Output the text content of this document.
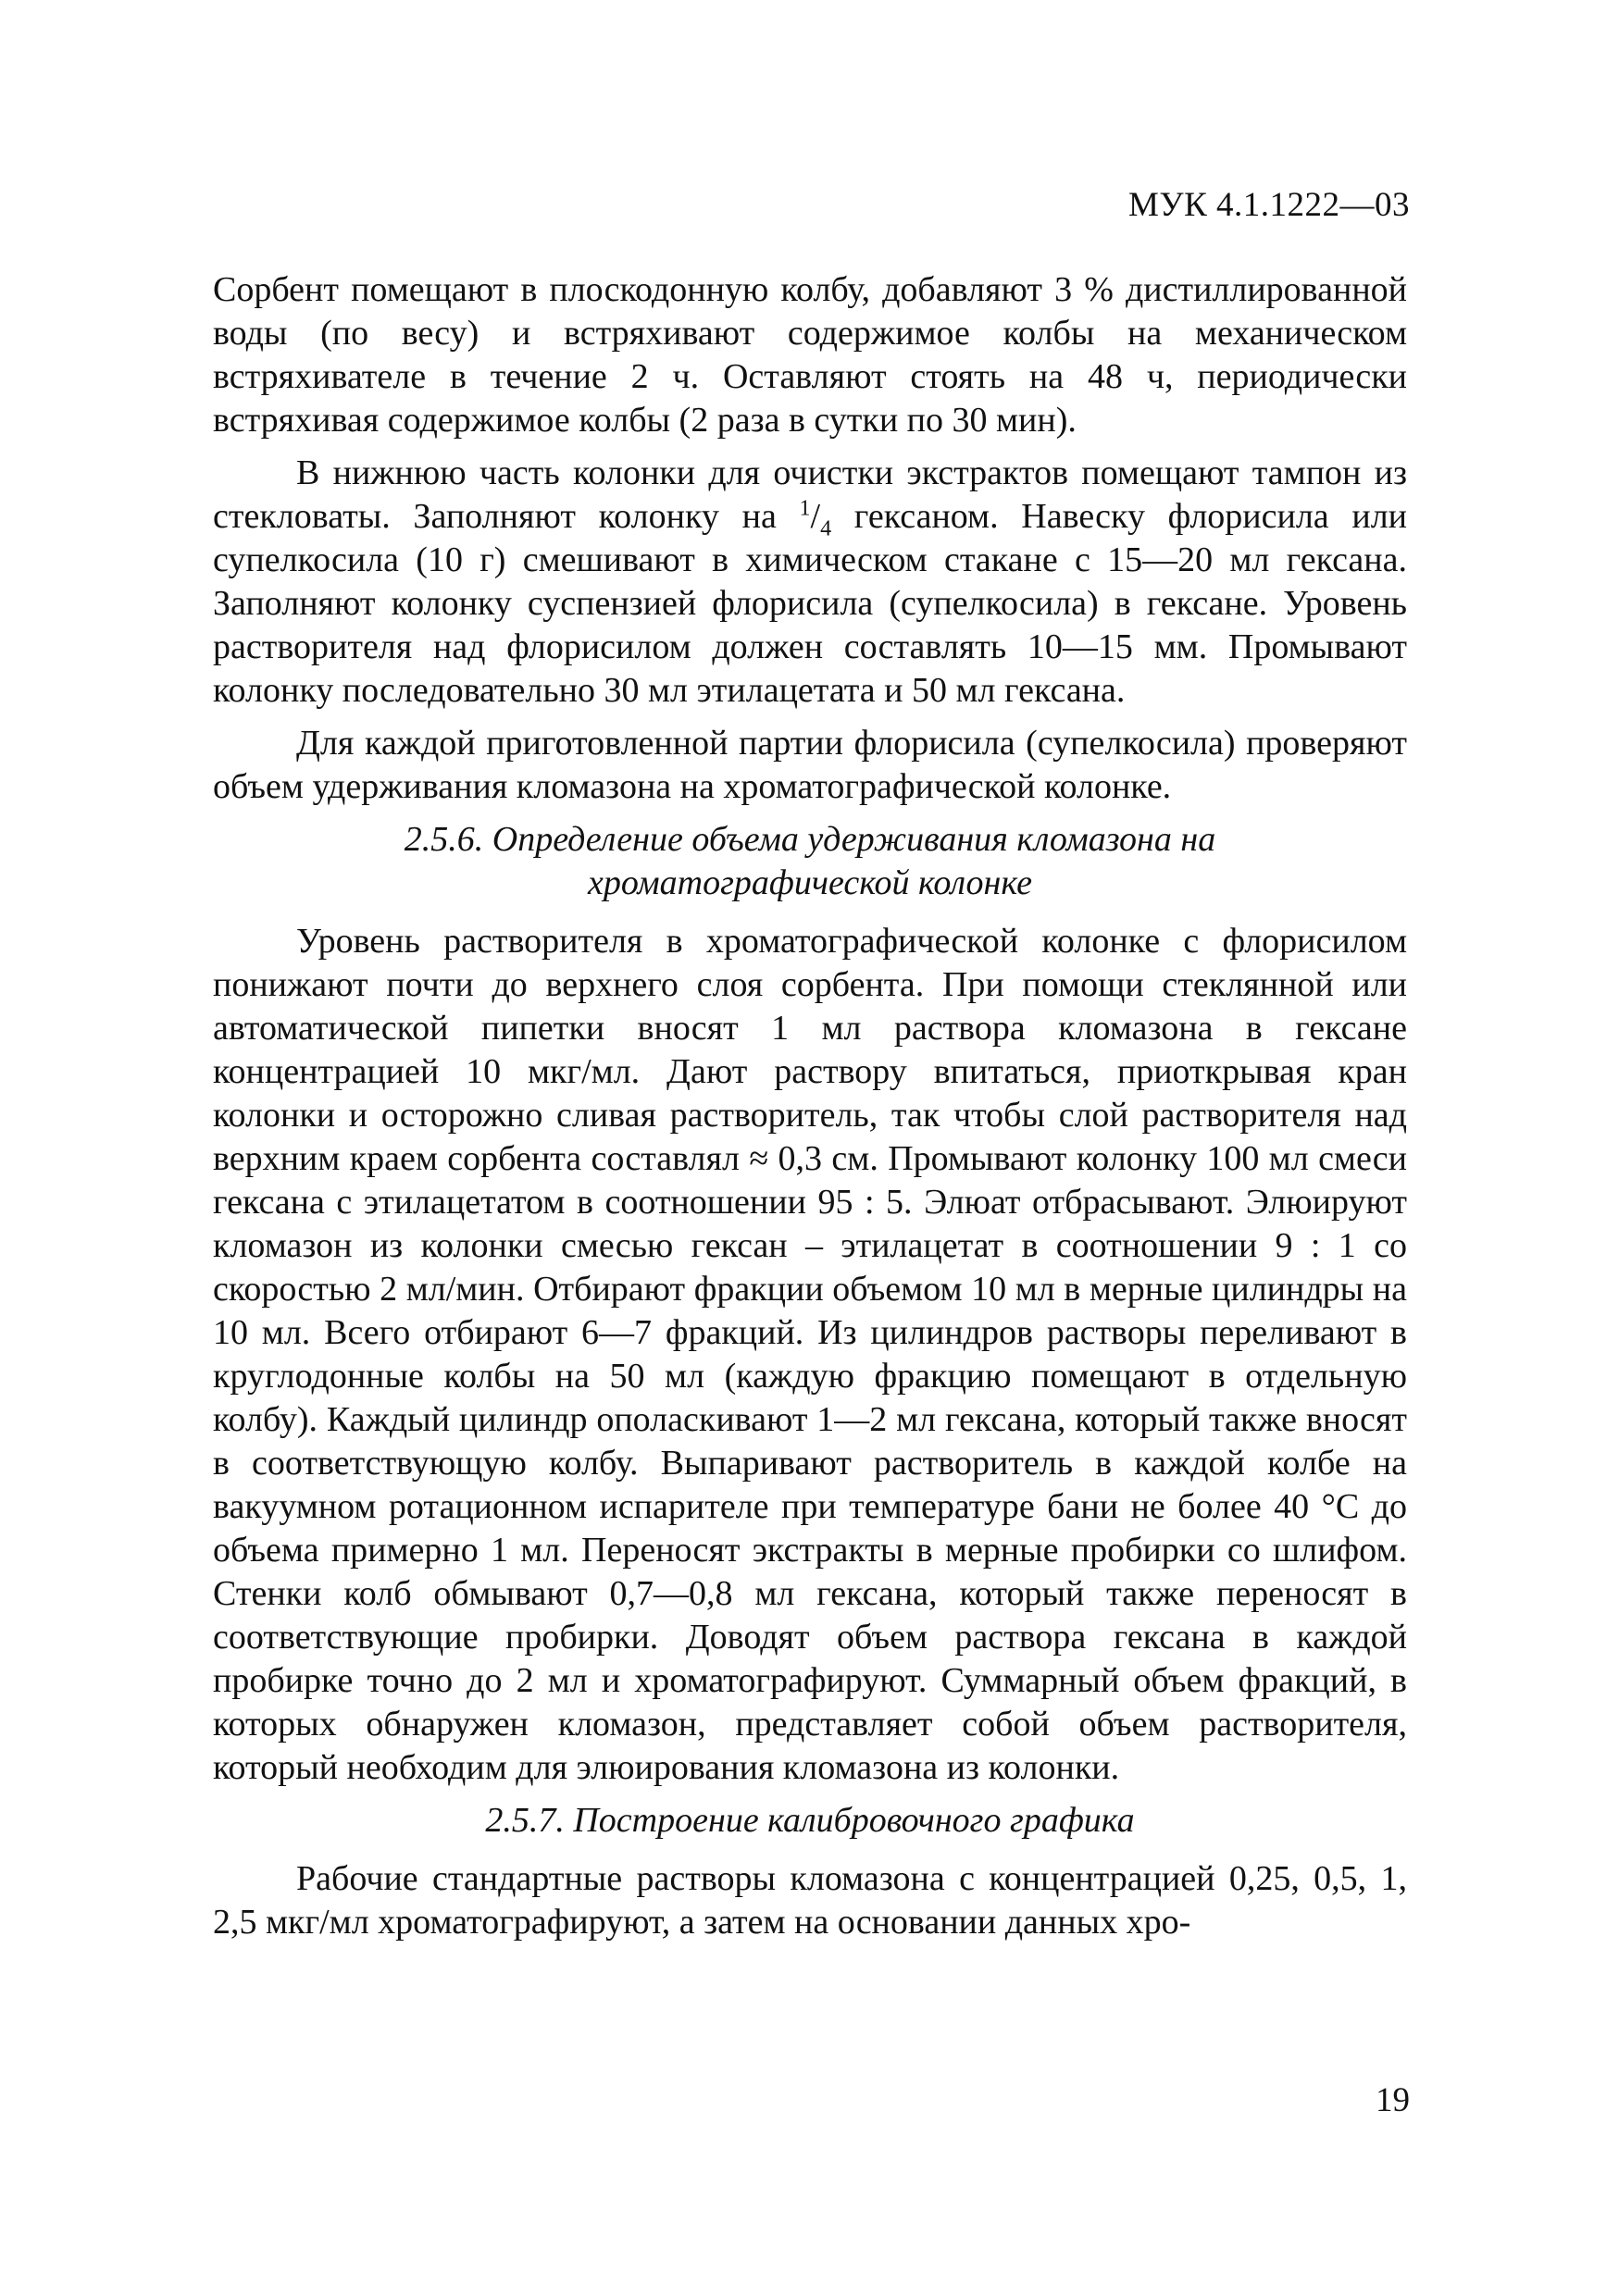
МУК 4.1.1222—03

Сорбент помещают в плоскодонную колбу, добавляют 3 % дистиллированной воды (по весу) и встряхивают содержимое колбы на механическом встряхивателе в течение 2 ч. Оставляют стоять на 48 ч, периодически встряхивая содержимое колбы (2 раза в сутки по 30 мин).

В нижнюю часть колонки для очистки экстрактов помещают тампон из стекловаты. Заполняют колонку на $^1/_4$ гексаном. Навеску флорисила или супелкосила (10 г) смешивают в химическом стакане с 15—20 мл гексана. Заполняют колонку суспензией флорисила (супелкосила) в гексане. Уровень растворителя над флорисилом должен составлять 10—15 мм. Промывают колонку последовательно 30 мл этилацетата и 50 мл гексана.

Для каждой приготовленной партии флорисила (супелкосила) проверяют объем удерживания кломазона на хроматографической колонке.

2.5.6. Определение объема удерживания кломазона на хроматографической колонке

Уровень растворителя в хроматографической колонке с флорисилом понижают почти до верхнего слоя сорбента. При помощи стеклянной или автоматической пипетки вносят 1 мл раствора кломазона в гексане концентрацией 10 мкг/мл. Дают раствору впитаться, приоткрывая кран колонки и осторожно сливая растворитель, так чтобы слой растворителя над верхним краем сорбента составлял ≈ 0,3 см. Промывают колонку 100 мл смеси гексана с этилацетатом в соотношении 95 : 5. Элюат отбрасывают. Элюируют кломазон из колонки смесью гексан – этилацетат в соотношении 9 : 1 со скоростью 2 мл/мин. Отбирают фракции объемом 10 мл в мерные цилиндры на 10 мл. Всего отбирают 6—7 фракций. Из цилиндров растворы переливают в круглодонные колбы на 50 мл (каждую фракцию помещают в отдельную колбу). Каждый цилиндр ополаскивают 1—2 мл гексана, который также вносят в соответствующую колбу. Выпаривают растворитель в каждой колбе на вакуумном ротационном испарителе при температуре бани не более 40 °С до объема примерно 1 мл. Переносят экстракты в мерные пробирки со шлифом. Стенки колб обмывают 0,7—0,8 мл гексана, который также переносят в соответствующие пробирки. Доводят объем раствора гексана в каждой пробирке точно до 2 мл и хроматографируют. Суммарный объем фракций, в которых обнаружен кломазон, представляет собой объем растворителя, который необходим для элюирования кломазона из колонки.

2.5.7. Построение калибровочного графика

Рабочие стандартные растворы кломазона с концентрацией 0,25, 0,5, 1, 2,5 мкг/мл хроматографируют, а затем на основании данных хро-

19
